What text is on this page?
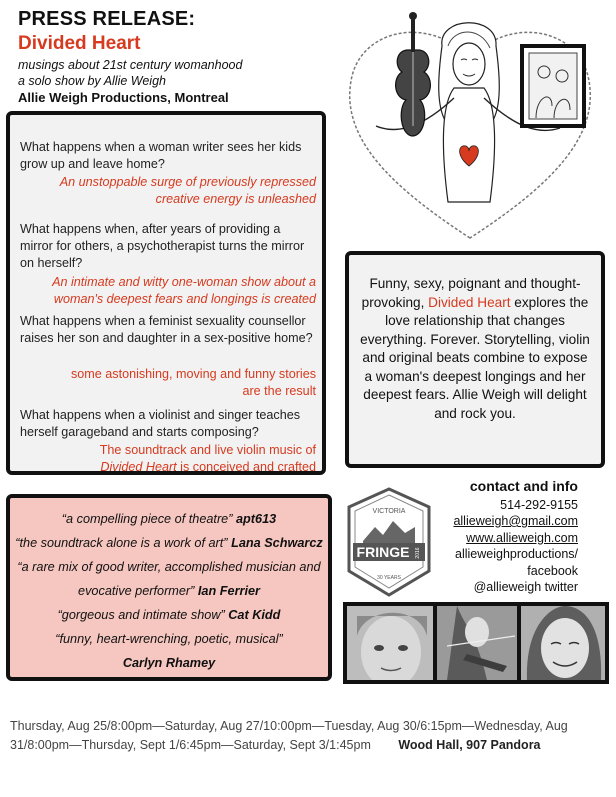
PRESS RELEASE:
Divided Heart
musings about 21st century womanhood
a solo show by Allie Weigh
Allie Weigh Productions, Montreal
What happens when a woman writer sees her kids grow up and leave home?
An unstoppable surge of previously repressed creative energy is unleashed
What happens when, after years of providing a mirror for others, a psychotherapist turns the mirror on herself?
An intimate and witty one-woman show about a woman's deepest fears and longings is created
What happens when a feminist sexuality counsellor raises her son and daughter in a sex-positive home?
some astonishing, moving and funny stories are the result
What happens when a violinist and singer teaches herself garageband and starts composing?
The soundtrack and live violin music of
Divided Heart is conceived and crafted
Funny, sexy, poignant and thought-provoking, Divided Heart explores the love relationship that changes everything. Forever. Storytelling, violin and original beats combine to expose a woman's deepest longings and her deepest fears. Allie Weigh will delight and rock you.
“a compelling piece of theatre” apt613
“the soundtrack alone is a work of art” Lana Schwarcz
“a rare mix of good writer, accomplished musician and
evocative performer” Ian Ferrier
“gorgeous and intimate show” Cat Kidd
“funny, heart-wrenching, poetic, musical”
Carlyn Rhamey
VICTORIA
FRINGE 2016
30 YEARS
contact and info
514-292-9155
allieweigh@gmail.com
www.allieweigh.com
allieweighproductions/
facebook
@allieweigh twitter
Thursday, Aug 25/8:00pm—Saturday, Aug 27/10:00pm—Tuesday, Aug 30/6:15pm—Wednesday, Aug 31/8:00pm—Thursday, Sept 1/6:45pm—Saturday, Sept 3/1:45pm Wood Hall, 907 Pandora
